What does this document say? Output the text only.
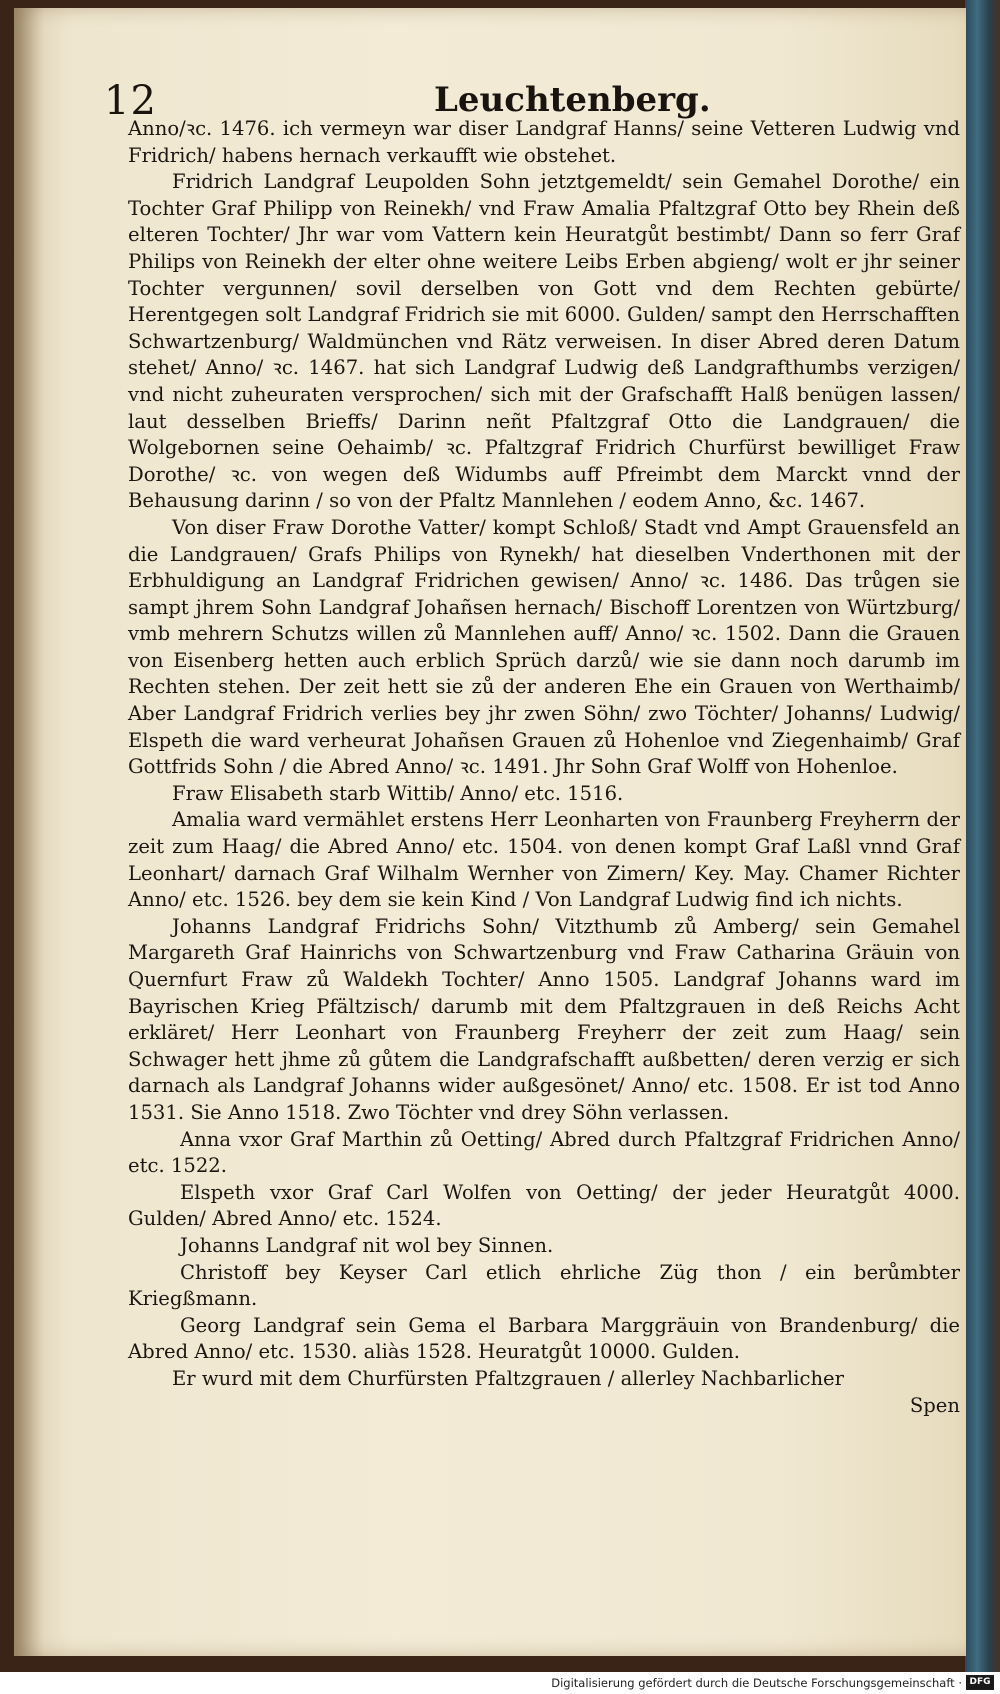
12	Leuchtenberg.

Anno/ꝛc. 1476. ich vermeyn war diser Landgraf Hanns/ seine Vetteren Ludwig vnd Fridrich/ habens hernach verkaufft wie obstehet.

Fridrich Landgraf Leupolden Sohn jetztgemeldt/ sein Gemahel Dorothe/ ein Tochter Graf Philipp von Reinekh/ vnd Fraw Amalia Pfaltzgraf Otto bey Rhein deß elteren Tochter/ Jhr war vom Vattern kein Heuratgůt bestimbt/ Dann so ferr Graf Philips von Reinekh der elter ohne weitere Leibs Erben abgieng/ wolt er jhr seiner Tochter vergunnen/ sovil derselben von Gott vnd dem Rechten gebürte/ Herentgegen solt Landgraf Fridrich sie mit 6000. Gulden/ sampt den Herrschafften Schwartzenburg/ Waldmünchen vnd Rätz verweisen. In diser Abred deren Datum stehet/ Anno/ ꝛc. 1467. hat sich Landgraf Ludwig deß Landgrafthumbs verzigen/ vnd nicht zuheuraten versprochen/ sich mit der Grafschafft Halß benügen lassen/ laut desselben Brieffs/ Darinn neñt Pfaltzgraf Otto die Landgrauen/ die Wolgebornen seine Oehaimb/ ꝛc. Pfaltzgraf Fridrich Churfürst bewilliget Fraw Dorothe/ ꝛc. von wegen deß Widumbs auff Pfreimbt dem Marckt vnnd der Behausung darinn / so von der Pfaltz Mannlehen / eodem Anno, &c. 1467.

Von diser Fraw Dorothe Vatter/ kompt Schloß/ Stadt vnd Ampt Grauensfeld an die Landgrauen/ Grafs Philips von Rynekh/ hat dieselben Vnderthonen mit der Erbhuldigung an Landgraf Fridrichen gewisen/ Anno/ ꝛc. 1486. Das trůgen sie sampt jhrem Sohn Landgraf Johañsen hernach/ Bischoff Lorentzen von Würtzburg/ vmb mehrern Schutzs willen zů Mannlehen auff/ Anno/ ꝛc. 1502. Dann die Grauen von Eisenberg hetten auch erblich Sprüch darzů/ wie sie dann noch darumb im Rechten stehen. Der zeit hett sie zů der anderen Ehe ein Grauen von Werthaimb/ Aber Landgraf Fridrich verlies bey jhr zwen Söhn/ zwo Töchter/ Johanns/ Ludwig/ Elspeth die ward verheurat Johañsen Grauen zů Hohenloe vnd Ziegenhaimb/ Graf Gottfrids Sohn / die Abred Anno/ ꝛc. 1491. Jhr Sohn Graf Wolff von Hohenloe.

Fraw Elisabeth starb Wittib/ Anno/ etc. 1516.

Amalia ward vermählet erstens Herr Leonharten von Fraunberg Freyherrn der zeit zum Haag/ die Abred Anno/ etc. 1504. von denen kompt Graf Laßl vnnd Graf Leonhart/ darnach Graf Wilhalm Wernher von Zimern/ Key. May. Chamer Richter Anno/ etc. 1526. bey dem sie kein Kind / Von Landgraf Ludwig find ich nichts.

Johanns Landgraf Fridrichs Sohn/ Vitzthumb zů Amberg/ sein Gemahel Margareth Graf Hainrichs von Schwartzenburg vnd Fraw Catharina Gräuin von Quernfurt Fraw zů Waldekh Tochter/ Anno 1505. Landgraf Johanns ward im Bayrischen Krieg Pfältzisch/ darumb mit dem Pfaltzgrauen in deß Reichs Acht erkläret/ Herr Leonhart von Fraunberg Freyherr der zeit zum Haag/ sein Schwager hett jhme zů gůtem die Landgrafschafft außbetten/ deren verzig er sich darnach als Landgraf Johanns wider außgesönet/ Anno/ etc. 1508. Er ist tod Anno 1531. Sie Anno 1518. Zwo Töchter vnd drey Söhn verlassen.

Anna vxor Graf Marthin zů Oetting/ Abred durch Pfaltzgraf Fridrichen Anno/ etc. 1522.

Elspeth vxor Graf Carl Wolfen von Oetting/ der jeder Heuratgůt 4000. Gulden/ Abred Anno/ etc. 1524.

Johanns Landgraf nit wol bey Sinnen.

Christoff bey Keyser Carl etlich ehrliche Züg thon / ein berůmbter Kriegßmann.

Georg Landgraf sein Gema el Barbara Marggräuin von Brandenburg/ die Abred Anno/ etc. 1530. aliàs 1528. Heuratgůt 10000. Gulden.

Er wurd mit dem Churfürsten Pfaltzgrauen / allerley Nachbarlicher

Spen

Digitalisierung gefördert durch die Deutsche Forschungsgemeinschaft · DFG
